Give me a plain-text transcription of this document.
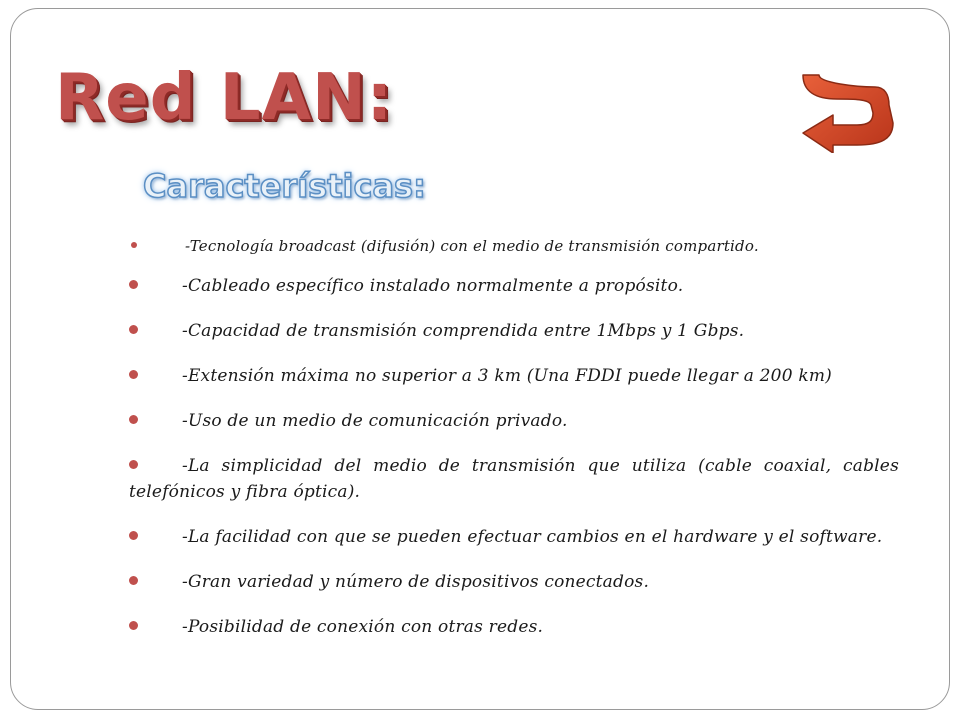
Red LAN:
Características:
-Tecnología broadcast (difusión) con el medio de transmisión compartido.
-Cableado específico instalado normalmente a propósito.
-Capacidad de transmisión comprendida entre 1Mbps y 1 Gbps.
-Extensión máxima no superior a 3 km (Una FDDI puede llegar a 200 km)
-Uso de un medio de comunicación privado.
-La simplicidad del medio de transmisión que utiliza (cable coaxial, cables telefónicos y fibra óptica).
-La facilidad con que se pueden efectuar cambios en el hardware y el software.
-Gran variedad y número de dispositivos conectados.
-Posibilidad de conexión con otras redes.
